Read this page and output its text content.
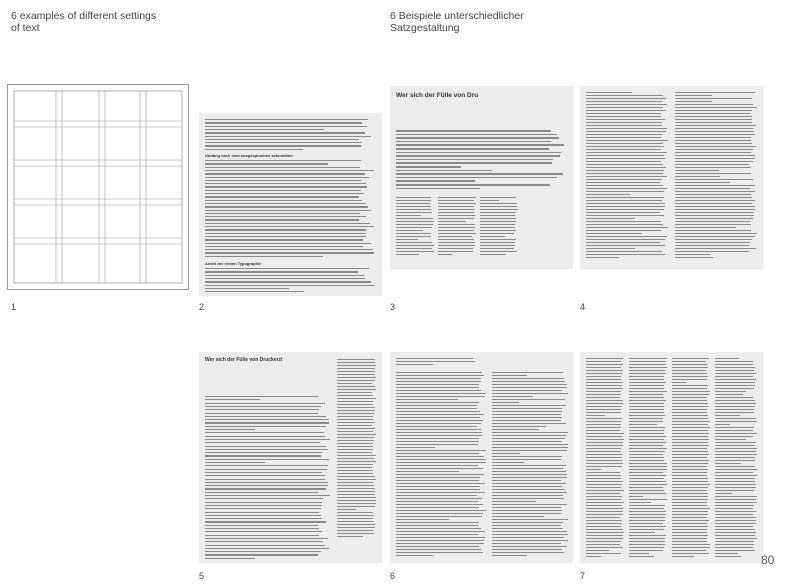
6 examples of different settings
of text
6 Beispiele unterschiedlicher
Satzgestaltung
1
Umfang nach vom ausgesprochen sekundärer
Anteil der reinen Typographie
2
Wer sich der Fülle von Dru
3	4
Wer sich der Fülle von Druckerzi
5	6	7
80
